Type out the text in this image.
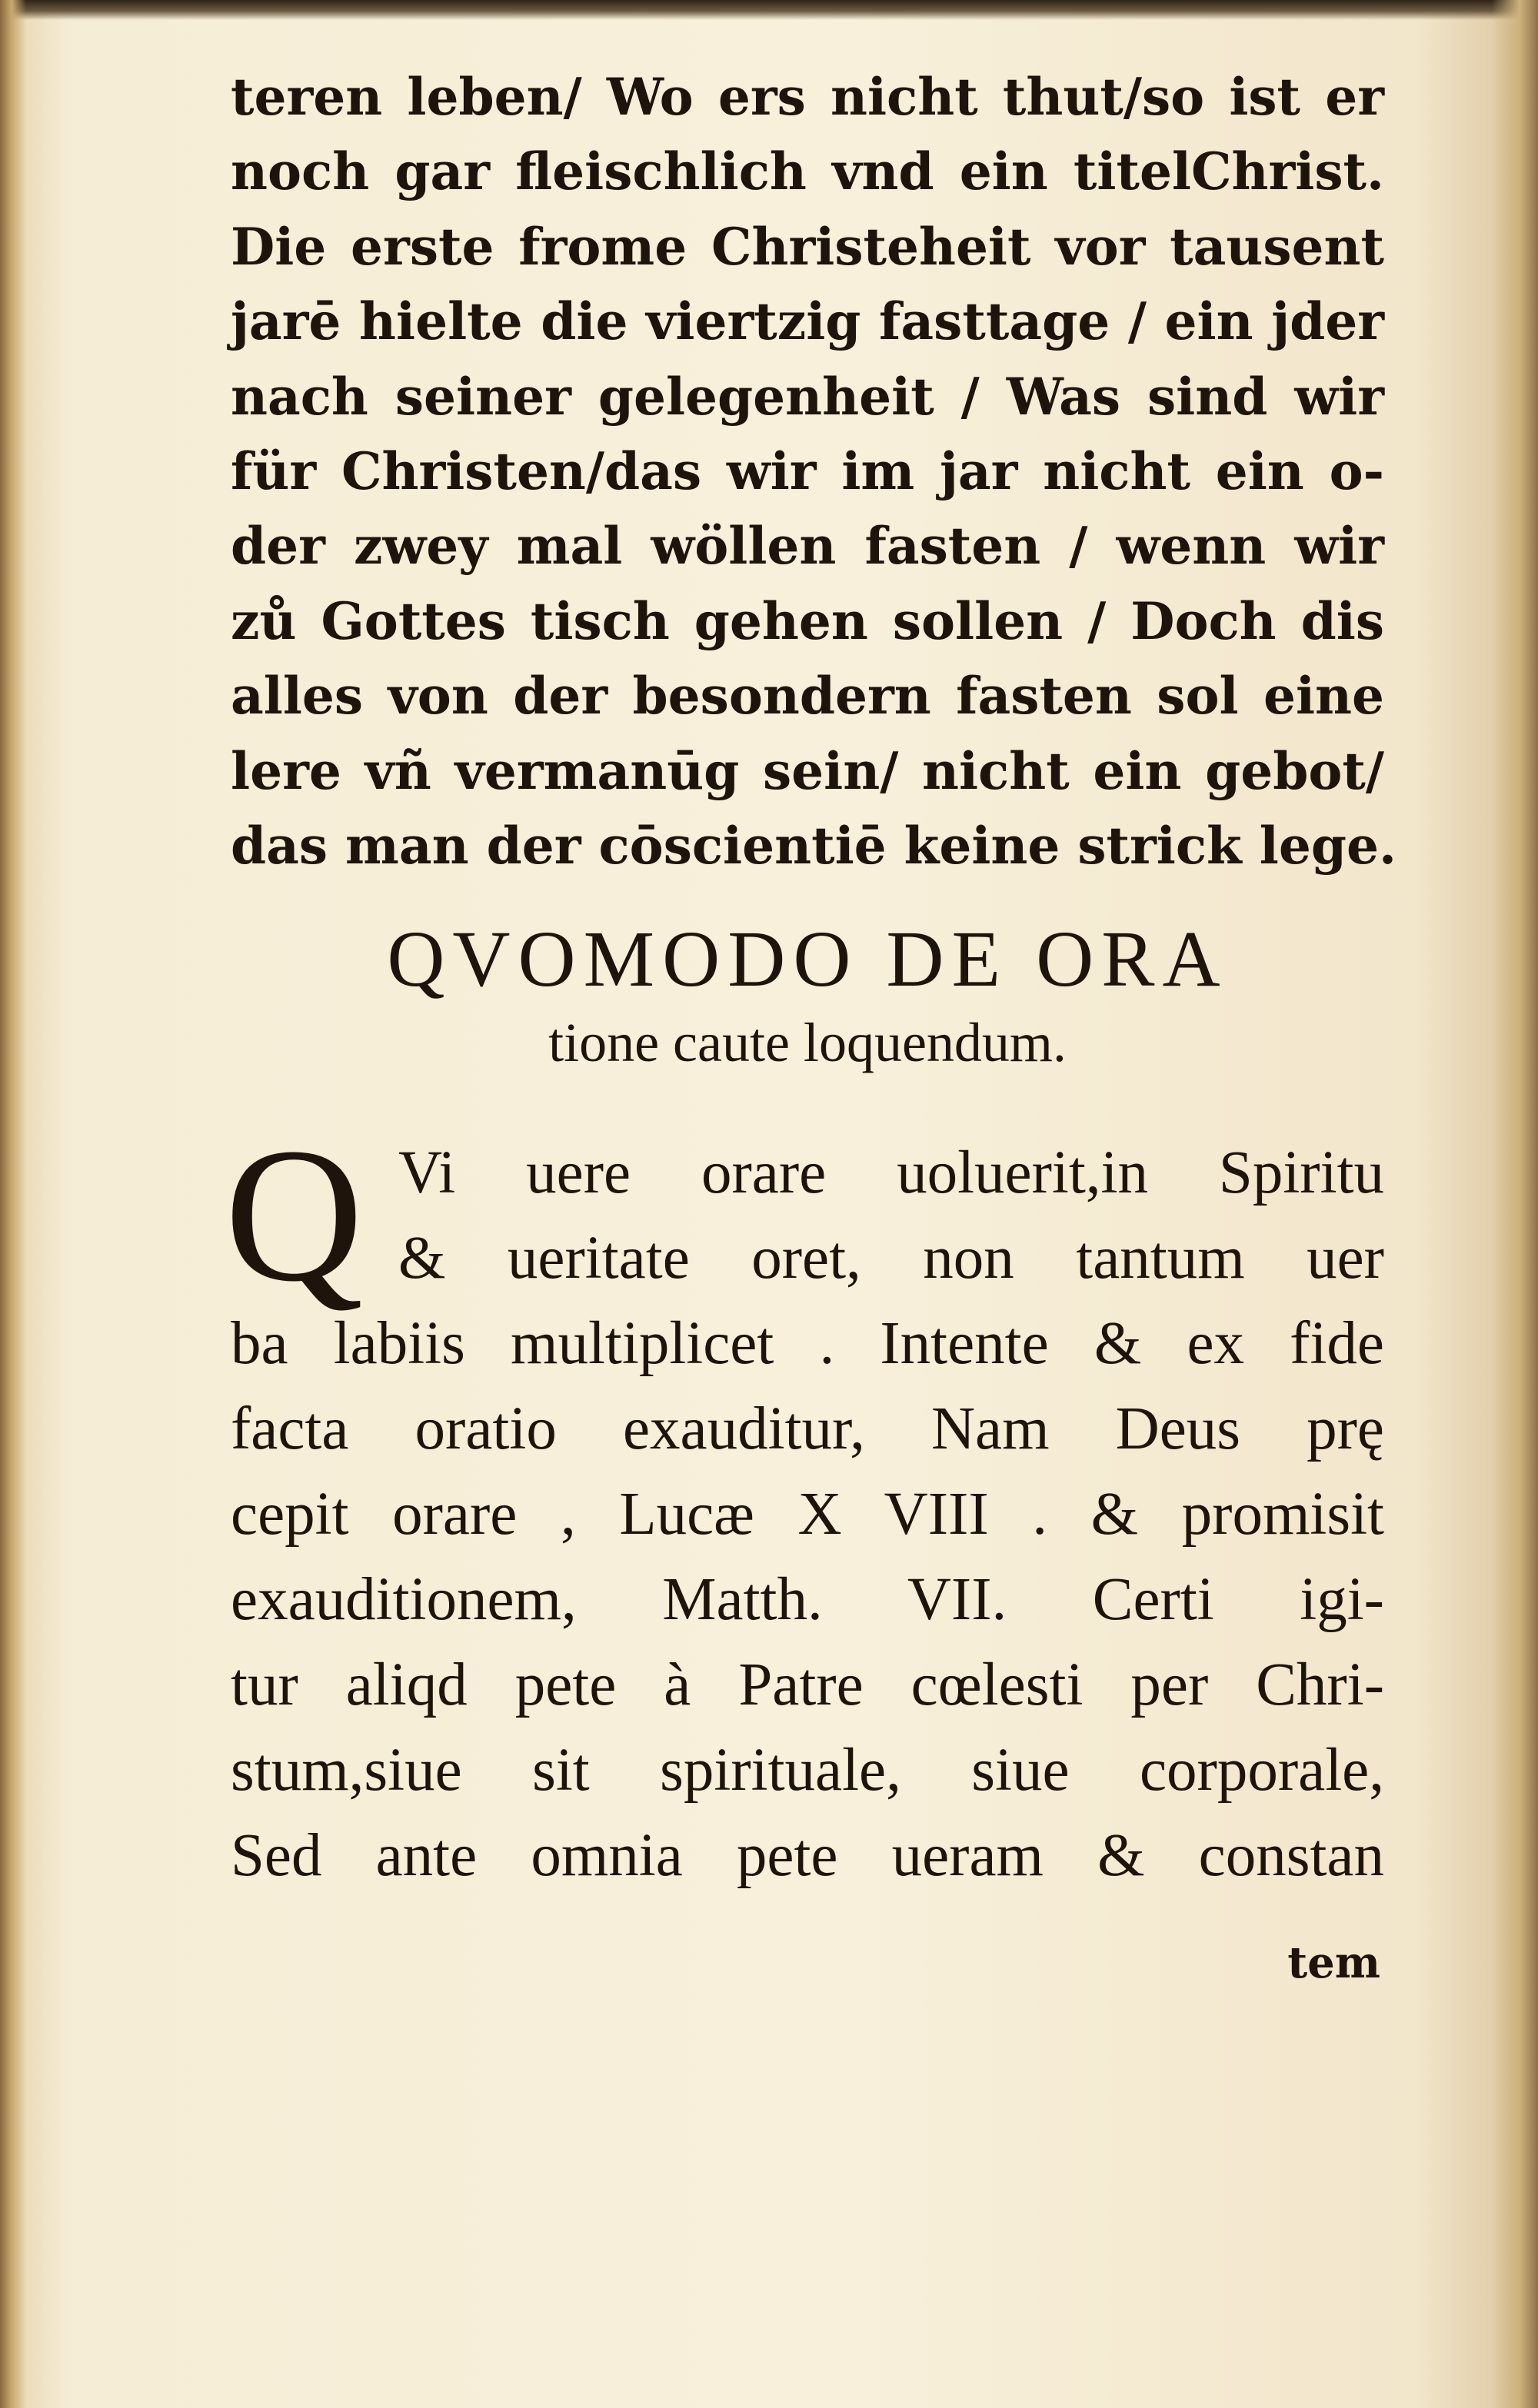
teren leben/ Wo ers nicht thut/so ist er
noch gar fleischlich vnd ein titelChrist.
Die erste frome Christeheit vor tausent
jarē hielte die viertzig fasttage / ein jder
nach seiner gelegenheit / Was sind wir
für Christen/das wir im jar nicht ein o-
der zwey mal wöllen fasten / wenn wir
zů Gottes tisch gehen sollen / Doch dis
alles von der besondern fasten sol eine
lere vñ vermanūg sein/ nicht ein gebot/
das man der cōscientiē keine strick lege.
QVOMODO DE ORA
tione caute loquendum.
Q Vi uere orare uoluerit,in Spiritu
& ueritate oret, non tantum uer
ba labiis multiplicet . Intente & ex fide
facta oratio exauditur, Nam Deus prę
cepit orare , Lucæ X VIII . & promisit
exauditionem, Matth. VII. Certi igi-
tur aliqd pete à Patre cœlesti per Chri-
stum,siue sit spirituale, siue corporale,
Sed ante omnia pete ueram & constan
tem
